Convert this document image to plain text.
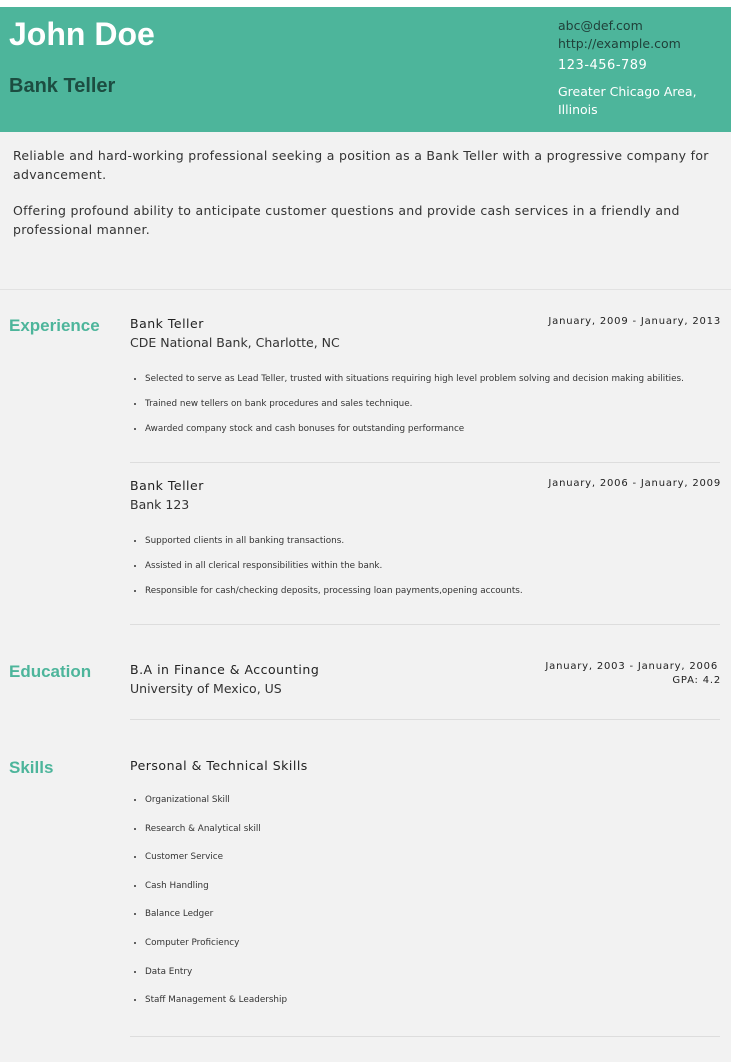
John Doe
Bank Teller
abc@def.com
http://example.com
123-456-789
Greater Chicago Area, Illinois

Reliable and hard-working professional seeking a position as a Bank Teller with a progressive company for advancement.

Offering profound ability to anticipate customer questions and provide cash services in a friendly and professional manner.

Experience Bank Teller
CDE National Bank, Charlotte, NC
January, 2009 - January, 2013
• Selected to serve as Lead Teller, trusted with situations requiring high level problem solving and decision making abilities.
• Trained new tellers on bank procedures and sales technique.
• Awarded company stock and cash bonuses for outstanding performance
Bank Teller
Bank 123
January, 2006 - January, 2009
• Supported clients in all banking transactions.
• Assisted in all clerical responsibilities within the bank.
• Responsible for cash/checking deposits, processing loan payments,opening accounts.
Education	B.A in Finance & Accounting
University of Mexico, US
January, 2003 - January, 2006
GPA: 4.2
Skills	Personal & Technical Skills
• Organizational Skill
• Research & Analytical skill
• Customer Service
• Cash Handling
• Balance Ledger
• Computer Proficiency
• Data Entry
• Staff Management & Leadership
